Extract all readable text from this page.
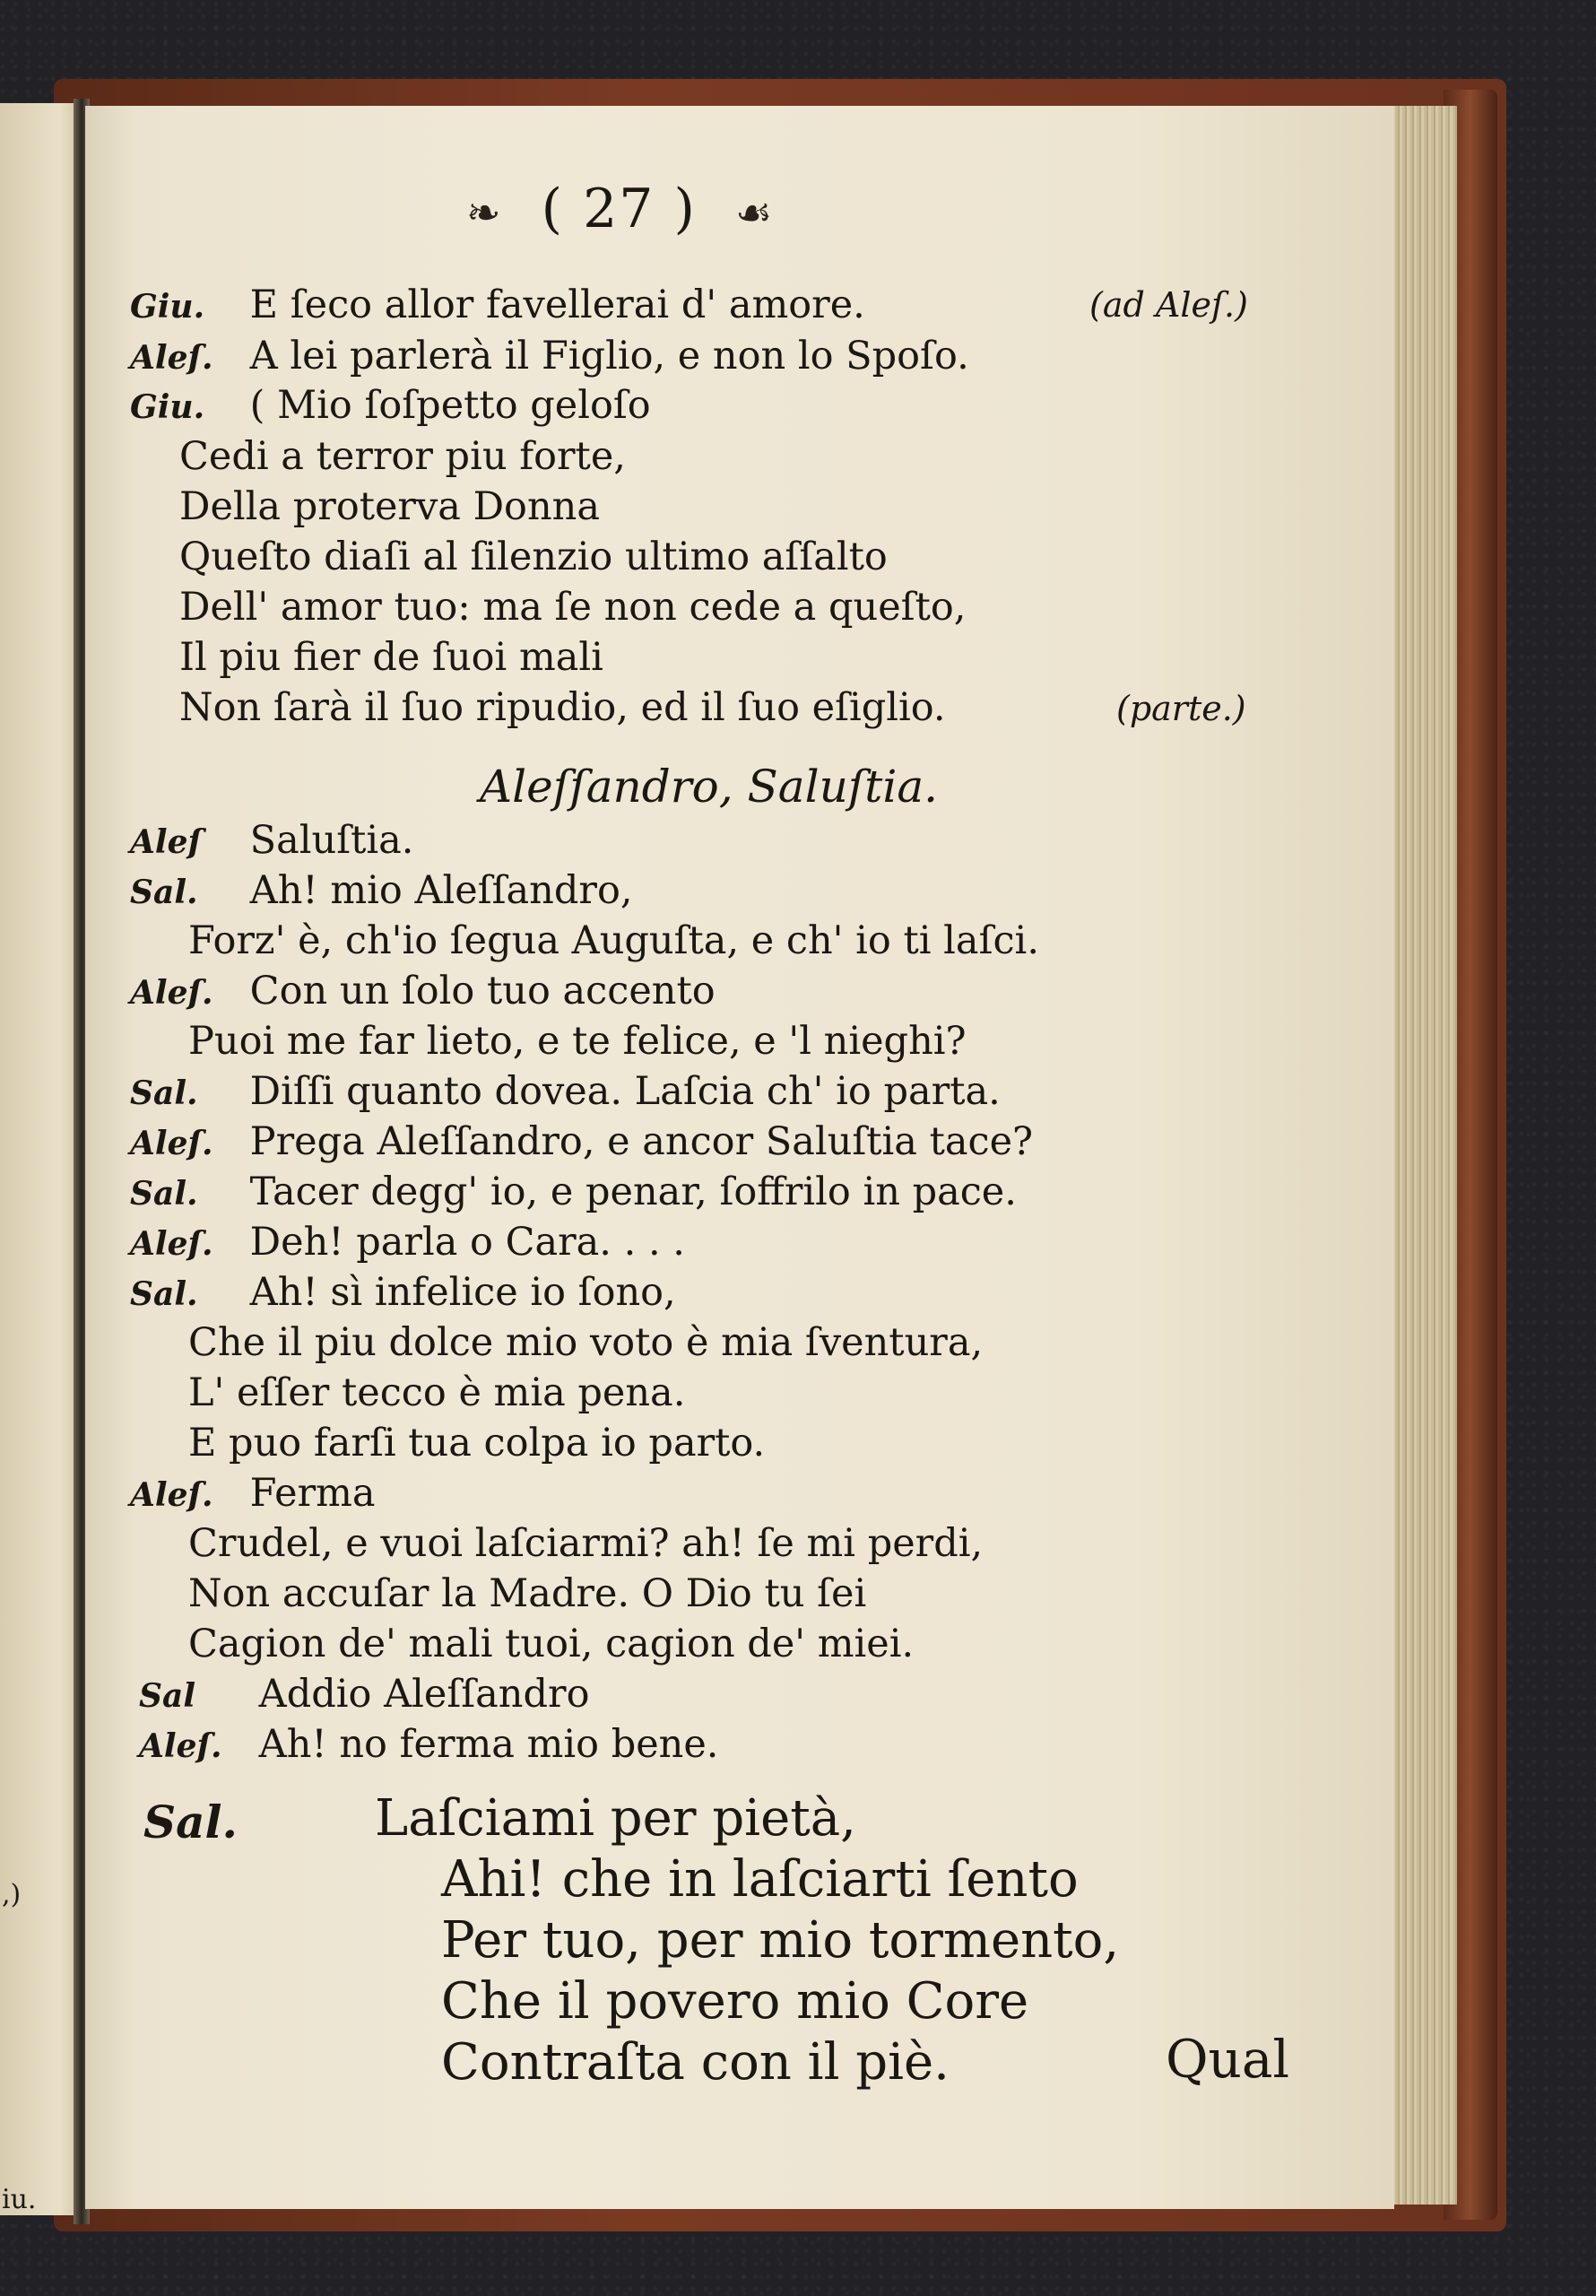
,)
iu.
❧ ( 27 ) ☙
Giu. E ſeco allor favellerai d' amore.	(ad Aleſ.)
Aleſ. A lei parlerà il Figlio, e non lo Spoſo.
Giu. ( Mio ſoſpetto geloſo
Cedi a terror piu forte,
Della proterva Donna
Queſto diaſi al ſilenzio ultimo aſſalto
Dell' amor tuo: ma ſe non cede a queſto,
Il piu fier de ſuoi mali
Non ſarà il ſuo ripudio, ed il ſuo eſiglio.	(parte.)
Aleſſandro, Saluſtia.
Aleſ Saluſtia.
Sal. Ah! mio Aleſſandro,
Forz' è, ch'io ſegua Auguſta, e ch' io ti laſci.
Aleſ. Con un ſolo tuo accento
Puoi me far lieto, e te felice, e 'l nieghi?
Sal. Diſſi quanto dovea. Laſcia ch' io parta.
Aleſ. Prega Aleſſandro, e ancor Saluſtia tace?
Sal. Tacer degg' io, e penar, ſoffrilo in pace.
Aleſ. Deh! parla o Cara. . . .
Sal. Ah! sì infelice io ſono,
Che il piu dolce mio voto è mia ſventura,
L' eſſer tecco è mia pena.
E puo farſi tua colpa io parto.
Aleſ. Ferma
Crudel, e vuoi laſciarmi? ah! ſe mi perdi,
Non accuſar la Madre. O Dio tu ſei
Cagion de' mali tuoi, cagion de' miei.
Sal Addio Aleſſandro
Aleſ. Ah! no ferma mio bene.
Sal.	Laſciami per pietà,
Ahi! che in laſciarti ſento
Per tuo, per mio tormento,
Che il povero mio Core
Contraſta con il piè.	Qual
